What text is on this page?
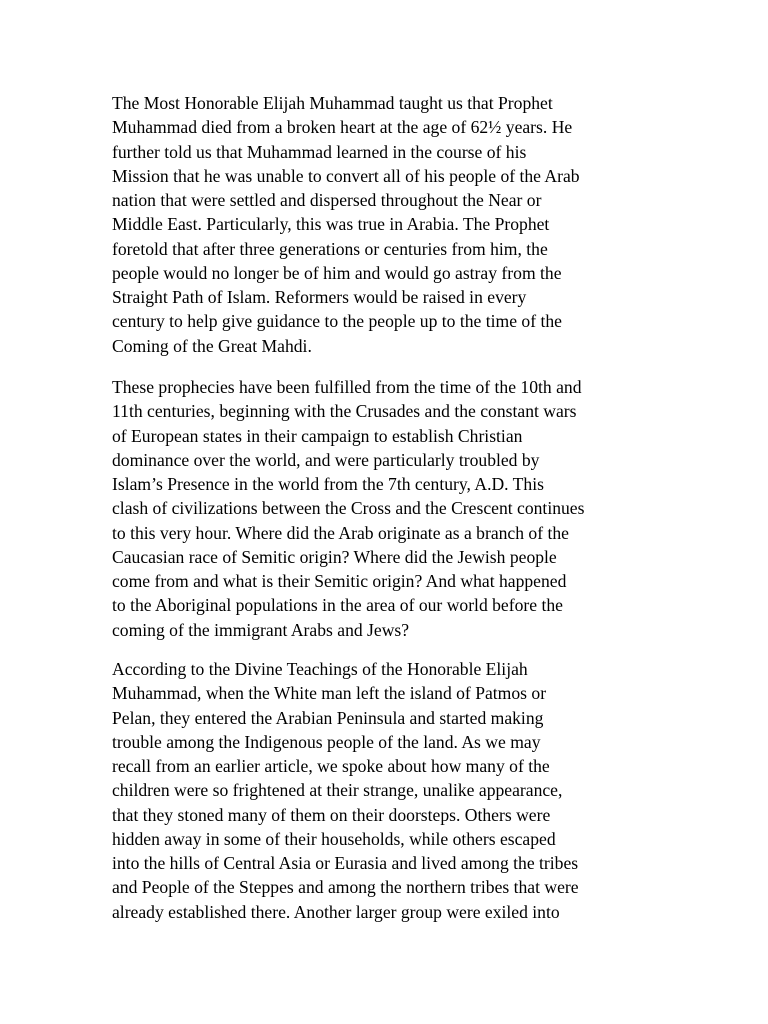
The Most Honorable Elijah Muhammad taught us that Prophet
Muhammad died from a broken heart at the age of 62½ years. He
further told us that Muhammad learned in the course of his
Mission that he was unable to convert all of his people of the Arab
nation that were settled and dispersed throughout the Near or
Middle East. Particularly, this was true in Arabia. The Prophet
foretold that after three generations or centuries from him, the
people would no longer be of him and would go astray from the
Straight Path of Islam. Reformers would be raised in every
century to help give guidance to the people up to the time of the
Coming of the Great Mahdi.

These prophecies have been fulfilled from the time of the 10th and
11th centuries, beginning with the Crusades and the constant wars
of European states in their campaign to establish Christian
dominance over the world, and were particularly troubled by
Islam’s Presence in the world from the 7th century, A.D. This
clash of civilizations between the Cross and the Crescent continues
to this very hour. Where did the Arab originate as a branch of the
Caucasian race of Semitic origin? Where did the Jewish people
come from and what is their Semitic origin? And what happened
to the Aboriginal populations in the area of our world before the
coming of the immigrant Arabs and Jews?

According to the Divine Teachings of the Honorable Elijah
Muhammad, when the White man left the island of Patmos or
Pelan, they entered the Arabian Peninsula and started making
trouble among the Indigenous people of the land. As we may
recall from an earlier article, we spoke about how many of the
children were so frightened at their strange, unalike appearance,
that they stoned many of them on their doorsteps. Others were
hidden away in some of their households, while others escaped
into the hills of Central Asia or Eurasia and lived among the tribes
and People of the Steppes and among the northern tribes that were
already established there. Another larger group were exiled into
